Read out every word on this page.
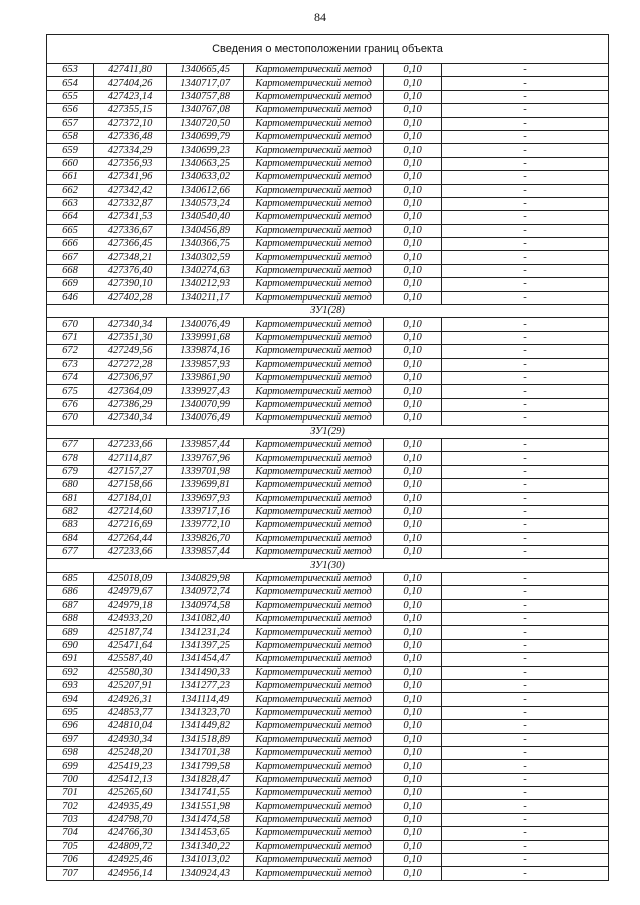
84
Сведения о местоположении границ объекта					
653	427411,80	1340665,45	Картометрический метод	0,10	-
654	427404,26	1340717,07	Картометрический метод	0,10	-
655	427423,14	1340757,88	Картометрический метод	0,10	-
656	427355,15	1340767,08	Картометрический метод	0,10	-
657	427372,10	1340720,50	Картометрический метод	0,10	-
658	427336,48	1340699,79	Картометрический метод	0,10	-
659	427334,29	1340699,23	Картометрический метод	0,10	-
660	427356,93	1340663,25	Картометрический метод	0,10	-
661	427341,96	1340633,02	Картометрический метод	0,10	-
662	427342,42	1340612,66	Картометрический метод	0,10	-
663	427332,87	1340573,24	Картометрический метод	0,10	-
664	427341,53	1340540,40	Картометрический метод	0,10	-
665	427336,67	1340456,89	Картометрический метод	0,10	-
666	427366,45	1340366,75	Картометрический метод	0,10	-
667	427348,21	1340302,59	Картометрический метод	0,10	-
668	427376,40	1340274,63	Картометрический метод	0,10	-
669	427390,10	1340212,93	Картометрический метод	0,10	-
646	427402,28	1340211,17	Картометрический метод	0,10	-
ЗУ1(28)					
670	427340,34	1340076,49	Картометрический метод	0,10	-
671	427351,30	1339991,68	Картометрический метод	0,10	-
672	427249,56	1339874,16	Картометрический метод	0,10	-
673	427272,28	1339857,93	Картометрический метод	0,10	-
674	427306,97	1339861,90	Картометрический метод	0,10	-
675	427364,09	1339927,43	Картометрический метод	0,10	-
676	427386,29	1340070,99	Картометрический метод	0,10	-
670	427340,34	1340076,49	Картометрический метод	0,10	-
ЗУ1(29)					
677	427233,66	1339857,44	Картометрический метод	0,10	-
678	427114,87	1339767,96	Картометрический метод	0,10	-
679	427157,27	1339701,98	Картометрический метод	0,10	-
680	427158,66	1339699,81	Картометрический метод	0,10	-
681	427184,01	1339697,93	Картометрический метод	0,10	-
682	427214,60	1339717,16	Картометрический метод	0,10	-
683	427216,69	1339772,10	Картометрический метод	0,10	-
684	427264,44	1339826,70	Картометрический метод	0,10	-
677	427233,66	1339857,44	Картометрический метод	0,10	-
ЗУ1(30)					
685	425018,09	1340829,98	Картометрический метод	0,10	-
686	424979,67	1340972,74	Картометрический метод	0,10	-
687	424979,18	1340974,58	Картометрический метод	0,10	-
688	424933,20	1341082,40	Картометрический метод	0,10	-
689	425187,74	1341231,24	Картометрический метод	0,10	-
690	425471,64	1341397,25	Картометрический метод	0,10	-
691	425587,40	1341454,47	Картометрический метод	0,10	-
692	425580,30	1341490,33	Картометрический метод	0,10	-
693	425207,91	1341277,23	Картометрический метод	0,10	-
694	424926,31	1341114,49	Картометрический метод	0,10	-
695	424853,77	1341323,70	Картометрический метод	0,10	-
696	424810,04	1341449,82	Картометрический метод	0,10	-
697	424930,34	1341518,89	Картометрический метод	0,10	-
698	425248,20	1341701,38	Картометрический метод	0,10	-
699	425419,23	1341799,58	Картометрический метод	0,10	-
700	425412,13	1341828,47	Картометрический метод	0,10	-
701	425265,60	1341741,55	Картометрический метод	0,10	-
702	424935,49	1341551,98	Картометрический метод	0,10	-
703	424798,70	1341474,58	Картометрический метод	0,10	-
704	424766,30	1341453,65	Картометрический метод	0,10	-
705	424809,72	1341340,22	Картометрический метод	0,10	-
706	424925,46	1341013,02	Картометрический метод	0,10	-
707	424956,14	1340924,43	Картометрический метод	0,10	-
